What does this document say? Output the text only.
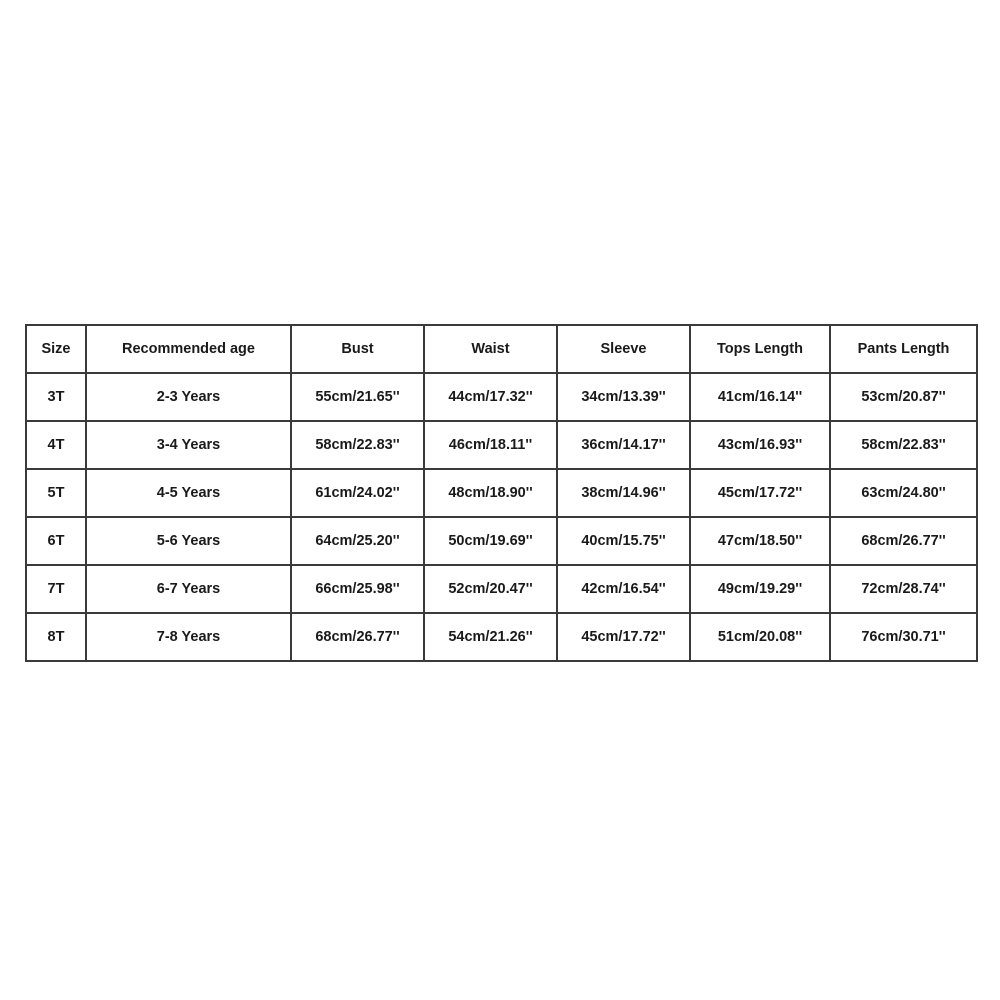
Size	Recommended age	Bust	Waist	Sleeve	Tops Length	Pants Length
3T	2-3 Years	55cm/21.65''	44cm/17.32''	34cm/13.39''	41cm/16.14''	53cm/20.87''
4T	3-4 Years	58cm/22.83''	46cm/18.11''	36cm/14.17''	43cm/16.93''	58cm/22.83''
5T	4-5 Years	61cm/24.02''	48cm/18.90''	38cm/14.96''	45cm/17.72''	63cm/24.80''
6T	5-6 Years	64cm/25.20''	50cm/19.69''	40cm/15.75''	47cm/18.50''	68cm/26.77''
7T	6-7 Years	66cm/25.98''	52cm/20.47''	42cm/16.54''	49cm/19.29''	72cm/28.74''
8T	7-8 Years	68cm/26.77''	54cm/21.26''	45cm/17.72''	51cm/20.08''	76cm/30.71''
